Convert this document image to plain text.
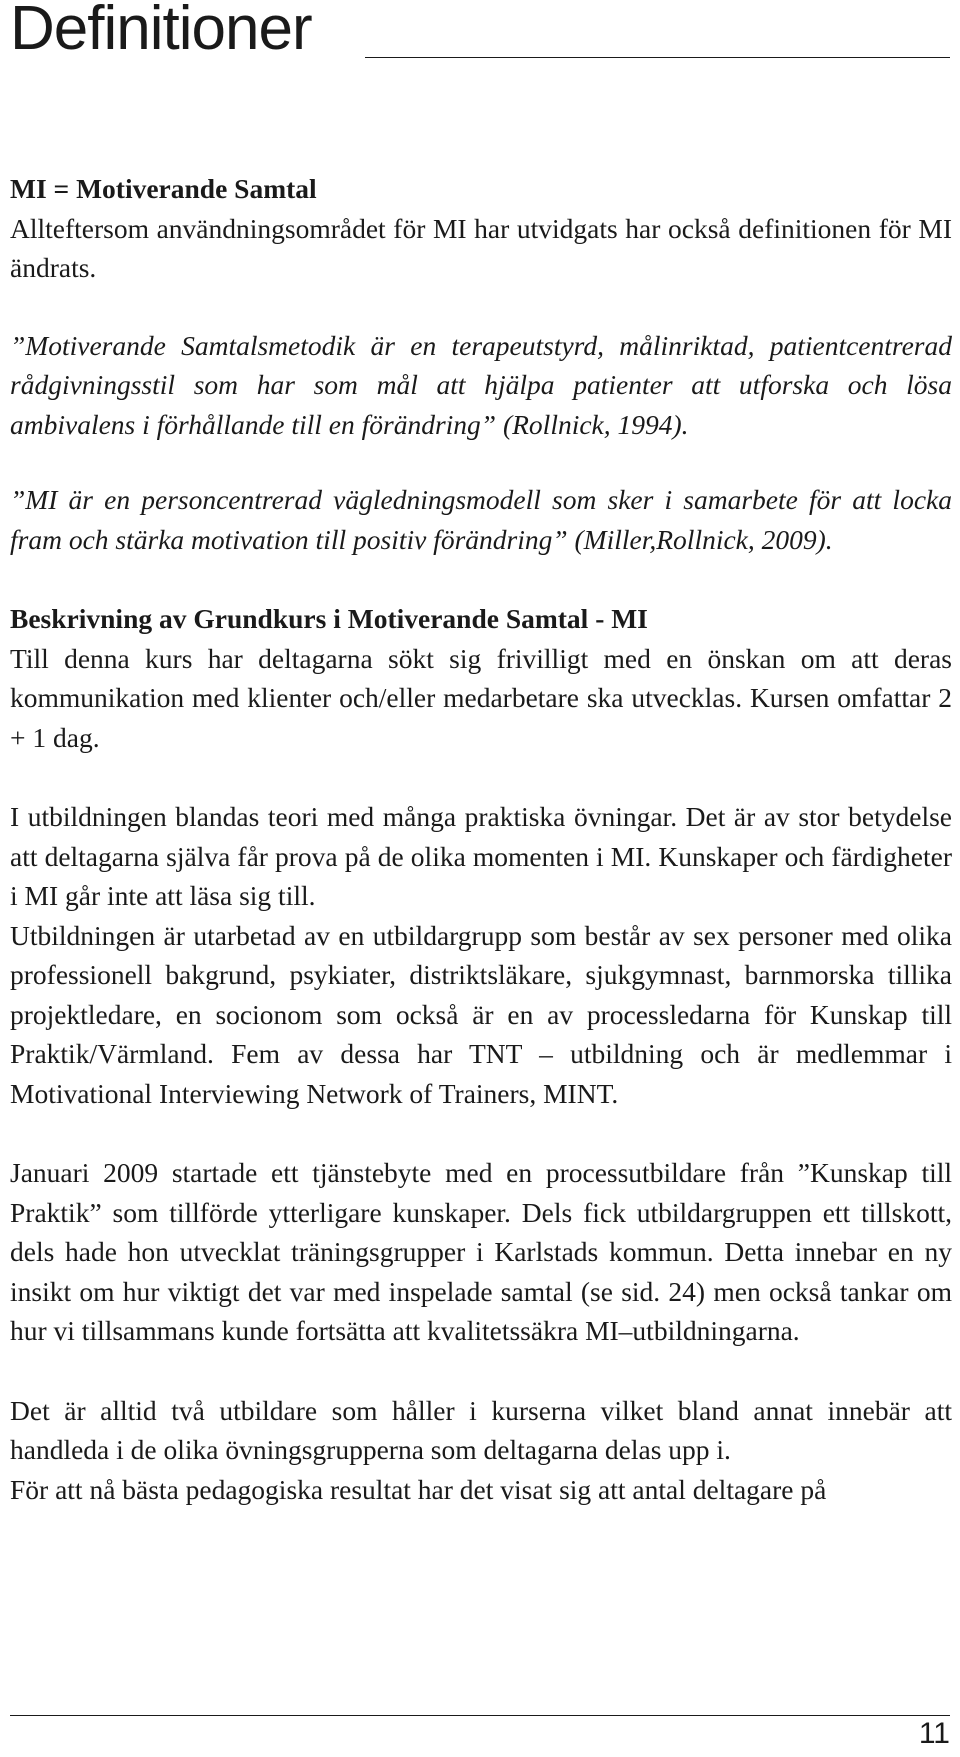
Definitioner

MI = Motiverande Samtal

Allteftersom användningsområdet för MI har utvidgats har också definitionen för MI ändrats.

”Motiverande Samtalsmetodik är en terapeutstyrd, målinriktad, patientcentrerad rådgivningsstil som har som mål att hjälpa patienter att utforska och lösa ambivalens i förhållande till en förändring” (Rollnick, 1994).

”MI är en personcentrerad vägledningsmodell som sker i samarbete för att locka fram och stärka motivation till positiv förändring” (Miller,Rollnick, 2009).

Beskrivning av Grundkurs i Motiverande Samtal - MI

Till denna kurs har deltagarna sökt sig frivilligt med en önskan om att deras kommunikation med klienter och/eller medarbetare ska utvecklas. Kursen omfattar 2 + 1 dag.

I utbildningen blandas teori med många praktiska övningar. Det är av stor betydelse att deltagarna själva får prova på de olika momenten i MI. Kunskaper och färdigheter i MI går inte att läsa sig till.

Utbildningen är utarbetad av en utbildargrupp som består av sex personer med olika professionell bakgrund, psykiater, distriktsläkare, sjukgymnast, barnmorska tillika projektledare, en socionom som också är en av processledarna för Kunskap till Praktik/Värmland. Fem av dessa har TNT – utbildning och är medlemmar i Motivational Interviewing Network of Trainers, MINT.

Januari 2009 startade ett tjänstebyte med en processutbildare från ”Kunskap till Praktik” som tillförde ytterligare kunskaper. Dels fick utbildargruppen ett tillskott, dels hade hon utvecklat träningsgrupper i Karlstads kommun. Detta innebar en ny insikt om hur viktigt det var med inspelade samtal (se sid. 24) men också tankar om hur vi tillsammans kunde fortsätta att kvalitetssäkra MI–utbildningarna.

Det är alltid två utbildare som håller i kurserna vilket bland annat innebär att handleda i de olika övningsgrupperna som deltagarna delas upp i.

För att nå bästa pedagogiska resultat har det visat sig att antal deltagare på

11
